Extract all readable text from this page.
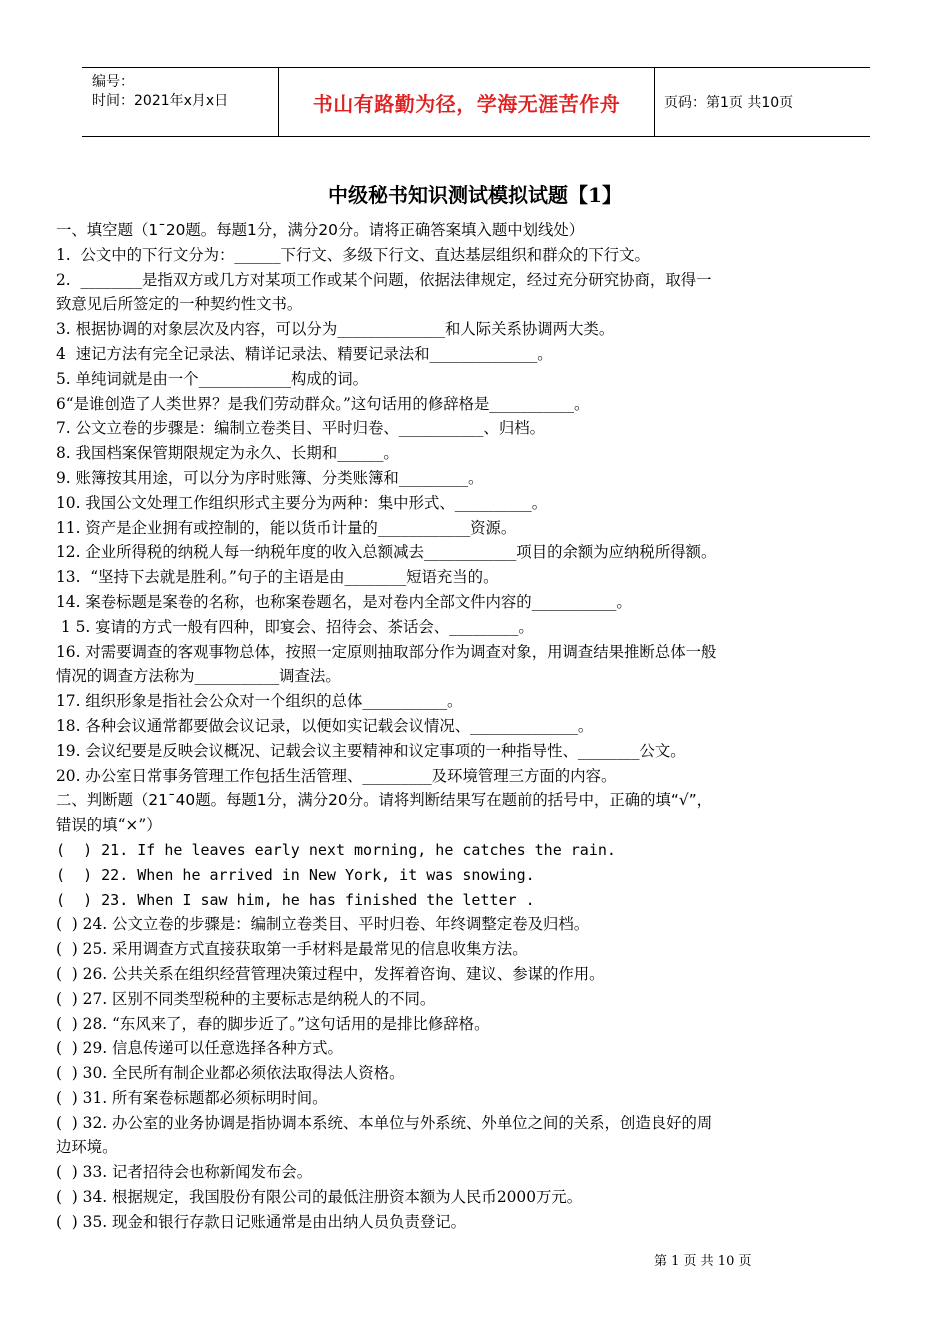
编号：
时间：2021年x月x日	书山有路勤为径，学海无涯苦作舟	页码：第1页 共10页
中级秘书知识测试模拟试题【1】
一、填空题（1¯20题。每题1分，满分20分。请将正确答案填入题中划线处）
1.  公文中的下行文分为：______下行文、多级下行文、直达基层组织和群众的下行文。
2.  ________是指双方或几方对某项工作或某个问题，依据法律规定，经过充分研究协商，取得一
致意见后所签定的一种契约性文书。
3. 根据协调的对象层次及内容，可以分为______________和人际关系协调两大类。
4  速记方法有完全记录法、精详记录法、精要记录法和______________。
5. 单纯词就是由一个____________构成的词。
6“是谁创造了人类世界？是我们劳动群众。”这句话用的修辞格是___________。
7. 公文立卷的步骤是：编制立卷类目、平时归卷、___________、归档。
8. 我国档案保管期限规定为永久、长期和______。
9. 账簿按其用途，可以分为序时账簿、分类账簿和_________。
10. 我国公文处理工作组织形式主要分为两种：集中形式、__________。
11. 资产是企业拥有或控制的，能以货币计量的____________资源。
12. 企业所得税的纳税人每一纳税年度的收入总额减去____________项目的余额为应纳税所得额。
13.  “坚持下去就是胜利。”句子的主语是由________短语充当的。
14. 案卷标题是案卷的名称，也称案卷题名，是对卷内全部文件内容的___________。
1 5. 宴请的方式一般有四种，即宴会、招待会、茶话会、_________。
16. 对需要调查的客观事物总体，按照一定原则抽取部分作为调查对象，用调查结果推断总体一般
情况的调查方法称为___________调查法。
17. 组织形象是指社会公众对一个组织的总体___________。
18. 各种会议通常都要做会议记录，以便如实记载会议情况、______________。
19. 会议纪要是反映会议概况、记载会议主要精神和议定事项的一种指导性、________公文。
20. 办公室日常事务管理工作包括生活管理、_________及环境管理三方面的内容。
二、判断题（21¯40题。每题1分，满分20分。请将判断结果写在题前的括号中，正确的填“√”，
错误的填“×”）
(  ) 21. If he leaves early next morning, he catches the rain.
(  ) 22. When he arrived in New York, it was snowing.
(  ) 23. When I saw him, he has finished the letter .
(  ) 24. 公文立卷的步骤是：编制立卷类目、平时归卷、年终调整定卷及归档。
(  ) 25. 采用调查方式直接获取第一手材料是最常见的信息收集方法。
(  ) 26. 公共关系在组织经营管理决策过程中，发挥着咨询、建议、参谋的作用。
(  ) 27. 区别不同类型税种的主要标志是纳税人的不同。
(  ) 28. “东风来了，春的脚步近了。”这句话用的是排比修辞格。
(  ) 29. 信息传递可以任意选择各种方式。
(  ) 30. 全民所有制企业都必须依法取得法人资格。
(  ) 31. 所有案卷标题都必须标明时间。
(  ) 32. 办公室的业务协调是指协调本系统、本单位与外系统、外单位之间的关系，创造良好的周
边环境。
(  ) 33. 记者招待会也称新闻发布会。
(  ) 34. 根据规定，我国股份有限公司的最低注册资本额为人民币2000万元。
(  ) 35. 现金和银行存款日记账通常是由出纳人员负责登记。
第 1 页 共 10 页
